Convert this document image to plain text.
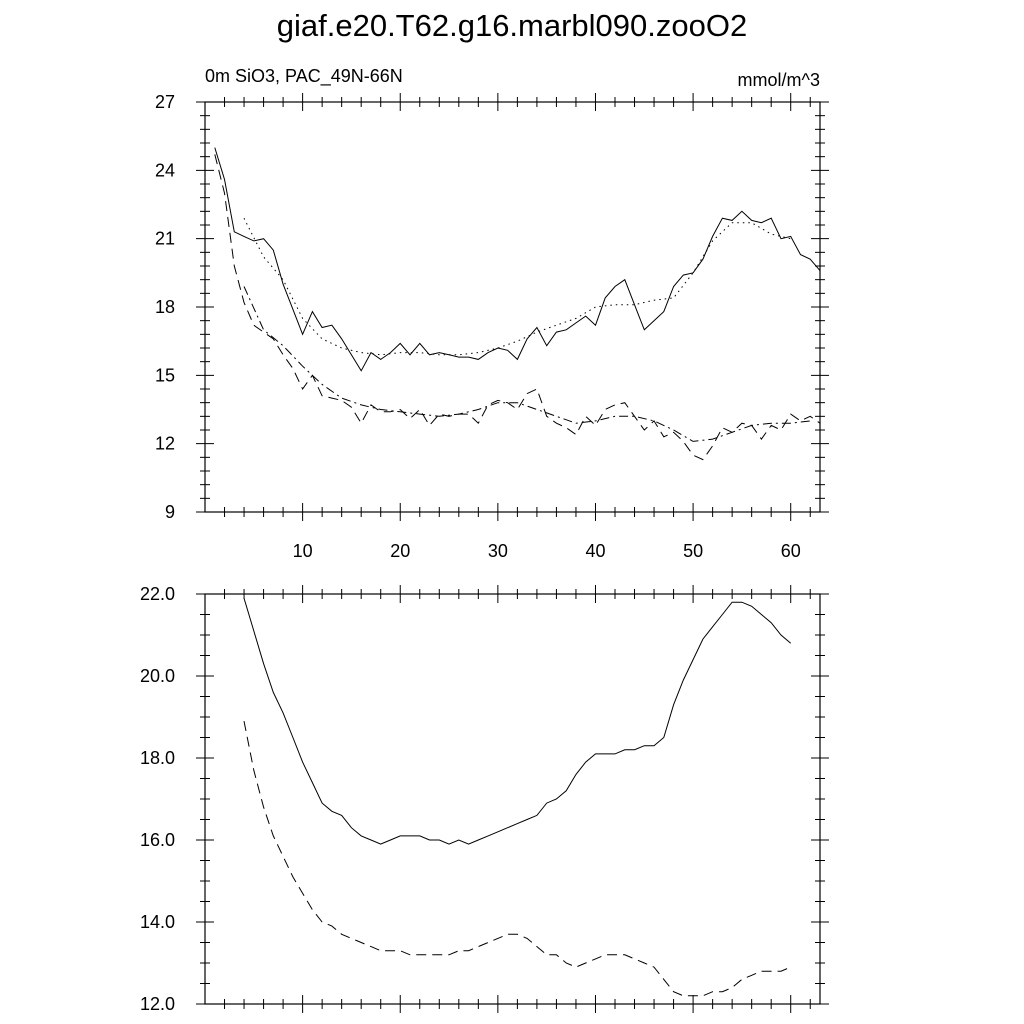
giaf.e20.T62.g16.marbl090.zooO2
0m SiO3, PAC_49N-66N	mmol/m^3
9
12
15
18
21
24
27
10	20	30	40	50	60
12.0
14.0
16.0
18.0
20.0
22.0
